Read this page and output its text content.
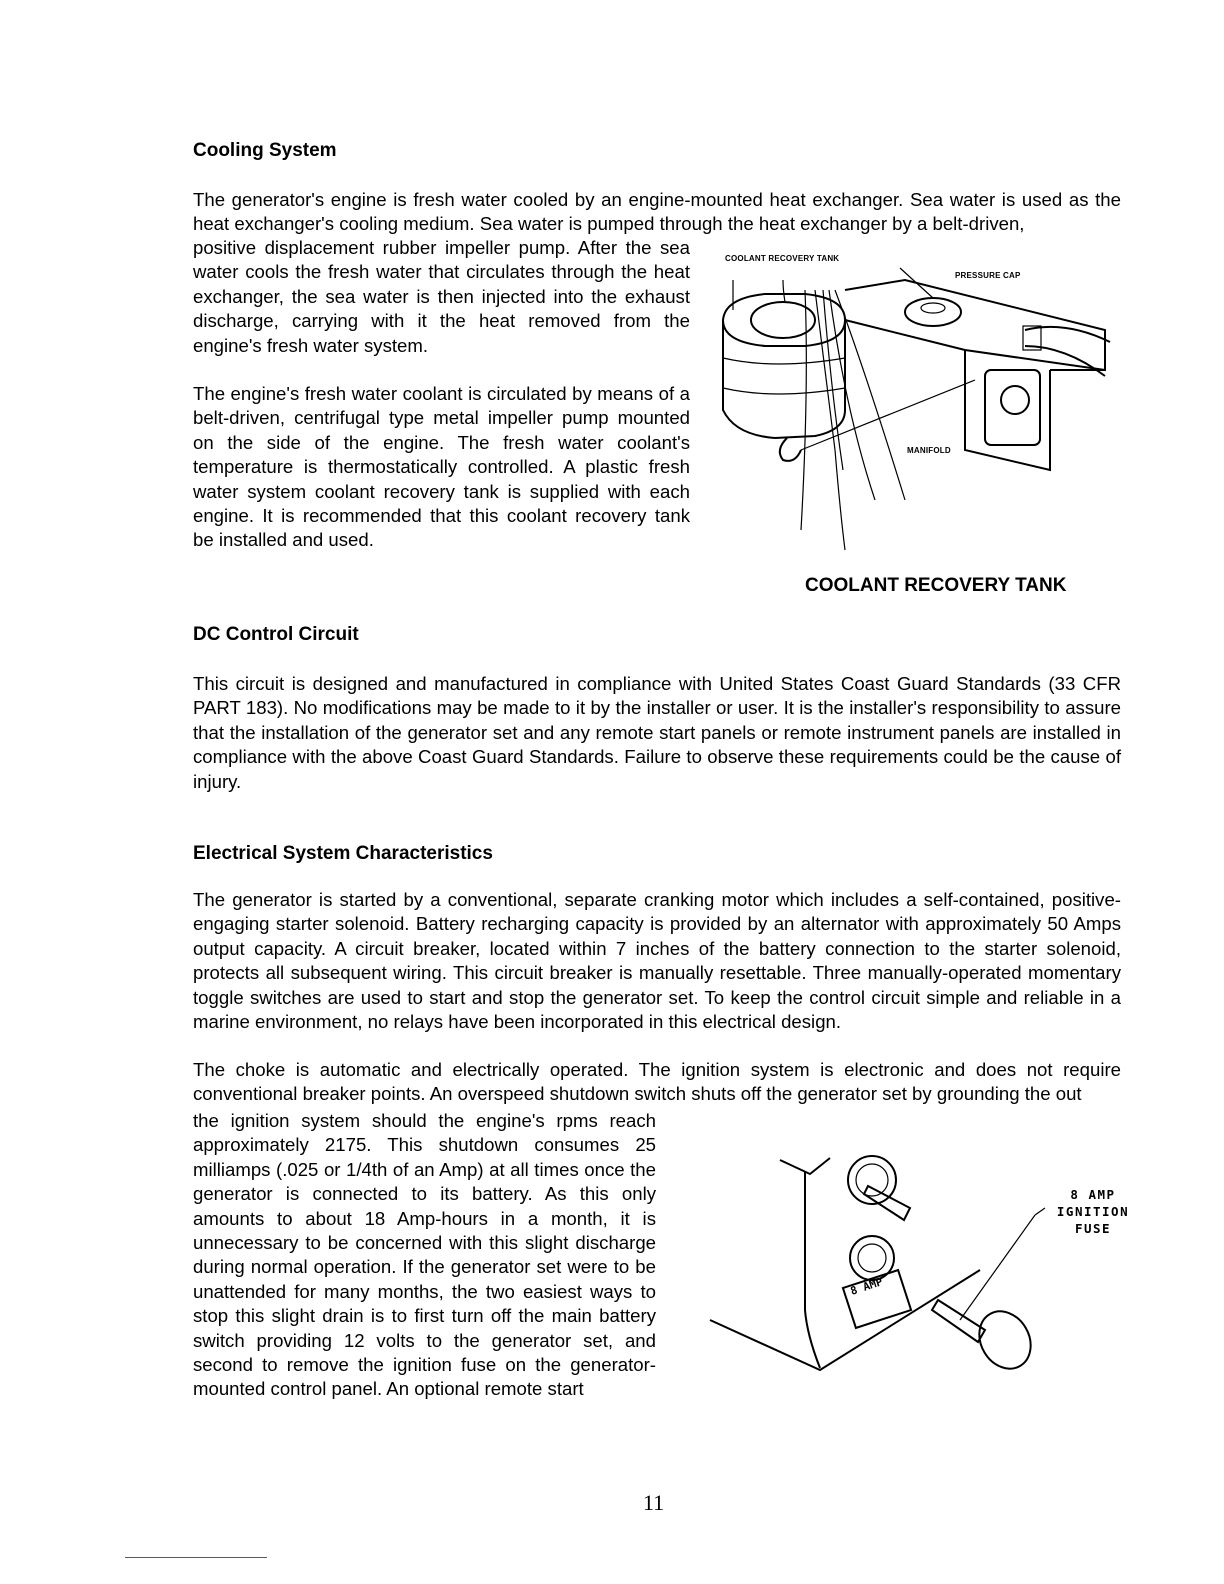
Cooling System
The generator's engine is fresh water cooled by an engine-mounted heat exchanger. Sea water is used as the heat exchanger's cooling medium. Sea water is pumped through the heat exchanger by a belt-driven,
positive displacement rubber impeller pump. After the sea water cools the fresh water that circulates through the heat exchanger, the sea water is then injected into the exhaust discharge, carrying with it the heat removed from the engine's fresh water system.
The engine's fresh water coolant is circulated by means of a belt-driven, centrifugal type metal impeller pump mounted on the side of the engine. The fresh water coolant's temperature is thermostatically controlled. A plastic fresh water system coolant recovery tank is supplied with each engine. It is recommended that this coolant recovery tank be installed and used.
COOLANT RECOVERY TANK
PRESSURE CAP
MANIFOLD
COOLANT RECOVERY TANK
DC Control Circuit
This circuit is designed and manufactured in compliance with United States Coast Guard Standards (33 CFR PART 183). No modifications may be made to it by the installer or user. It is the installer's responsibility to assure that the installation of the generator set and any remote start panels or remote instrument panels are installed in compliance with the above Coast Guard Standards. Failure to observe these requirements could be the cause of injury.
Electrical System Characteristics
The generator is started by a conventional, separate cranking motor which includes a self-contained, positive-engaging starter solenoid. Battery recharging capacity is provided by an alternator with approximately 50 Amps output capacity. A circuit breaker, located within 7 inches of the battery connection to the starter solenoid, protects all subsequent wiring. This circuit breaker is manually resettable. Three manually-operated momentary toggle switches are used to start and stop the generator set. To keep the control circuit simple and reliable in a marine environment, no relays have been incorporated in this electrical design.
The choke is automatic and electrically operated. The ignition system is electronic and does not require conventional breaker points. An overspeed shutdown switch shuts off the generator set by grounding the out
the ignition system should the engine's rpms reach approximately 2175. This shutdown consumes 25 milliamps (.025 or 1/4th of an Amp) at all times once the generator is connected to its battery. As this only amounts to about 18 Amp-hours in a month, it is unnecessary to be concerned with this slight discharge during normal operation. If the generator set were to be unattended for many months, the two easiest ways to stop this slight drain is to first turn off the main battery switch providing 12 volts to the generator set, and second to remove the ignition fuse on the generator-mounted control panel. An optional remote start
8 AMP
8 AMP
IGNITION
FUSE
11
